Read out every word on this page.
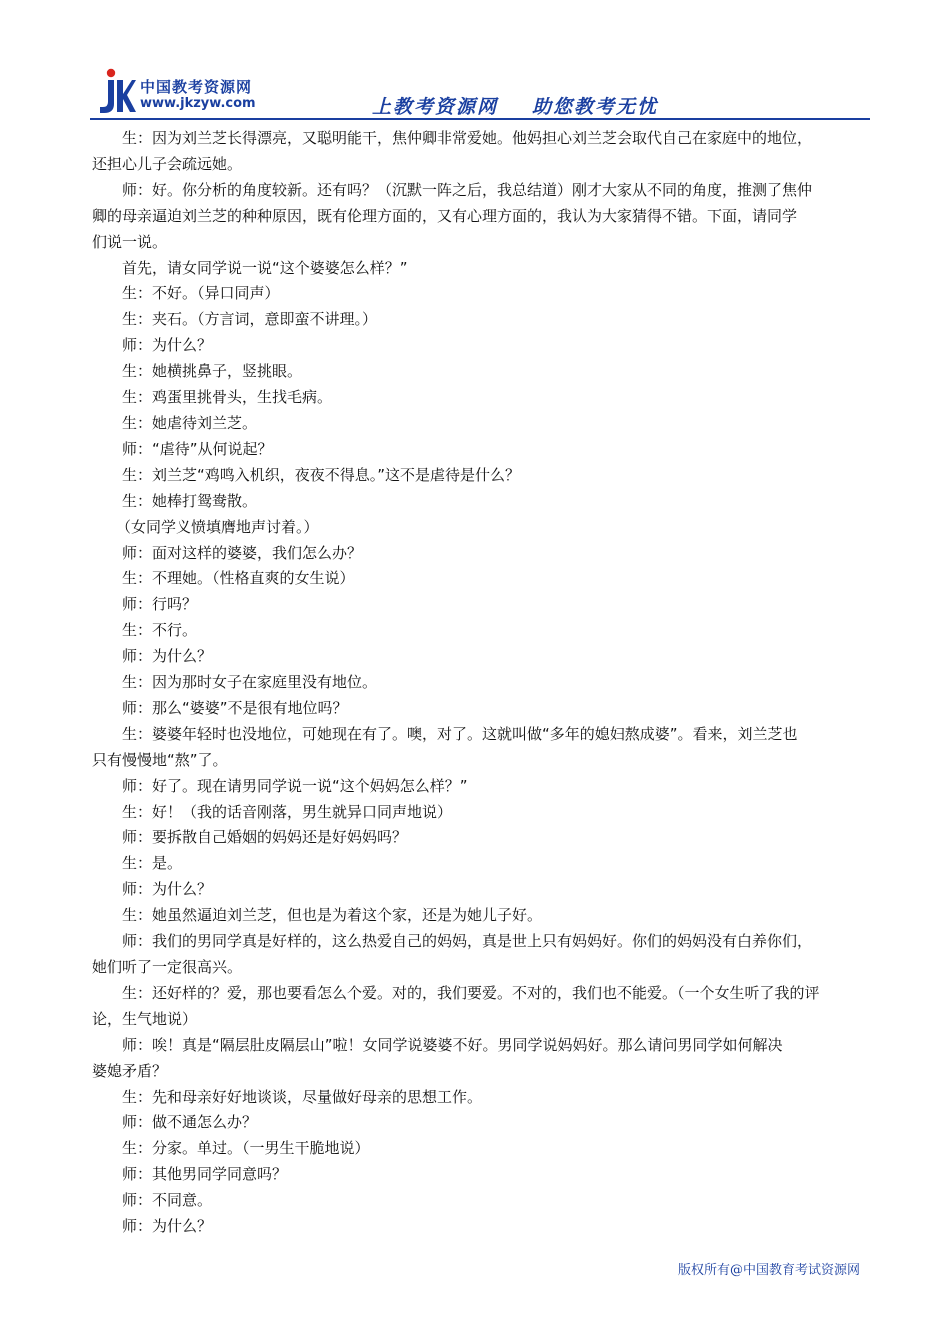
中国教考资源网
www.jkzyw.com	上教考资源网 助您教考无忧
生：因为刘兰芝长得漂亮，又聪明能干，焦仲卿非常爱她。他妈担心刘兰芝会取代自己在家庭中的地位，
还担心儿子会疏远她。
师：好。你分析的角度较新。还有吗？（沉默一阵之后，我总结道）刚才大家从不同的角度，推测了焦仲
卿的母亲逼迫刘兰芝的种种原因，既有伦理方面的，又有心理方面的，我认为大家猜得不错。下面，请同学
们说一说。
首先，请女同学说一说“这个婆婆怎么样？”
生：不好。（异口同声）
生：夹石。（方言词，意即蛮不讲理。）
师：为什么？
生：她横挑鼻子，竖挑眼。
生：鸡蛋里挑骨头，生找毛病。
生：她虐待刘兰芝。
师：“虐待”从何说起？
生：刘兰芝“鸡鸣入机织，夜夜不得息。”这不是虐待是什么？
生：她棒打鸳鸯散。
（女同学义愤填膺地声讨着。）
师：面对这样的婆婆，我们怎么办？
生：不理她。（性格直爽的女生说）
师：行吗？
生：不行。
师：为什么？
生：因为那时女子在家庭里没有地位。
师：那么“婆婆”不是很有地位吗？
生：婆婆年轻时也没地位，可她现在有了。噢，对了。这就叫做“多年的媳妇熬成婆”。看来，刘兰芝也
只有慢慢地“熬”了。
师：好了。现在请男同学说一说“这个妈妈怎么样？”
生：好！（我的话音刚落，男生就异口同声地说）
师：要拆散自己婚姻的妈妈还是好妈妈吗？
生：是。
师：为什么？
生：她虽然逼迫刘兰芝，但也是为着这个家，还是为她儿子好。
师：我们的男同学真是好样的，这么热爱自己的妈妈，真是世上只有妈妈好。你们的妈妈没有白养你们，
她们听了一定很高兴。
生：还好样的？爱，那也要看怎么个爱。对的，我们要爱。不对的，我们也不能爱。（一个女生听了我的评
论，生气地说）
师：唉！真是“隔层肚皮隔层山”啦！女同学说婆婆不好。男同学说妈妈好。那么请问男同学如何解决
婆媳矛盾？
生：先和母亲好好地谈谈，尽量做好母亲的思想工作。
师：做不通怎么办？
生：分家。单过。（一男生干脆地说）
师：其他男同学同意吗？
师：不同意。
师：为什么？
版权所有@中国教育考试资源网
